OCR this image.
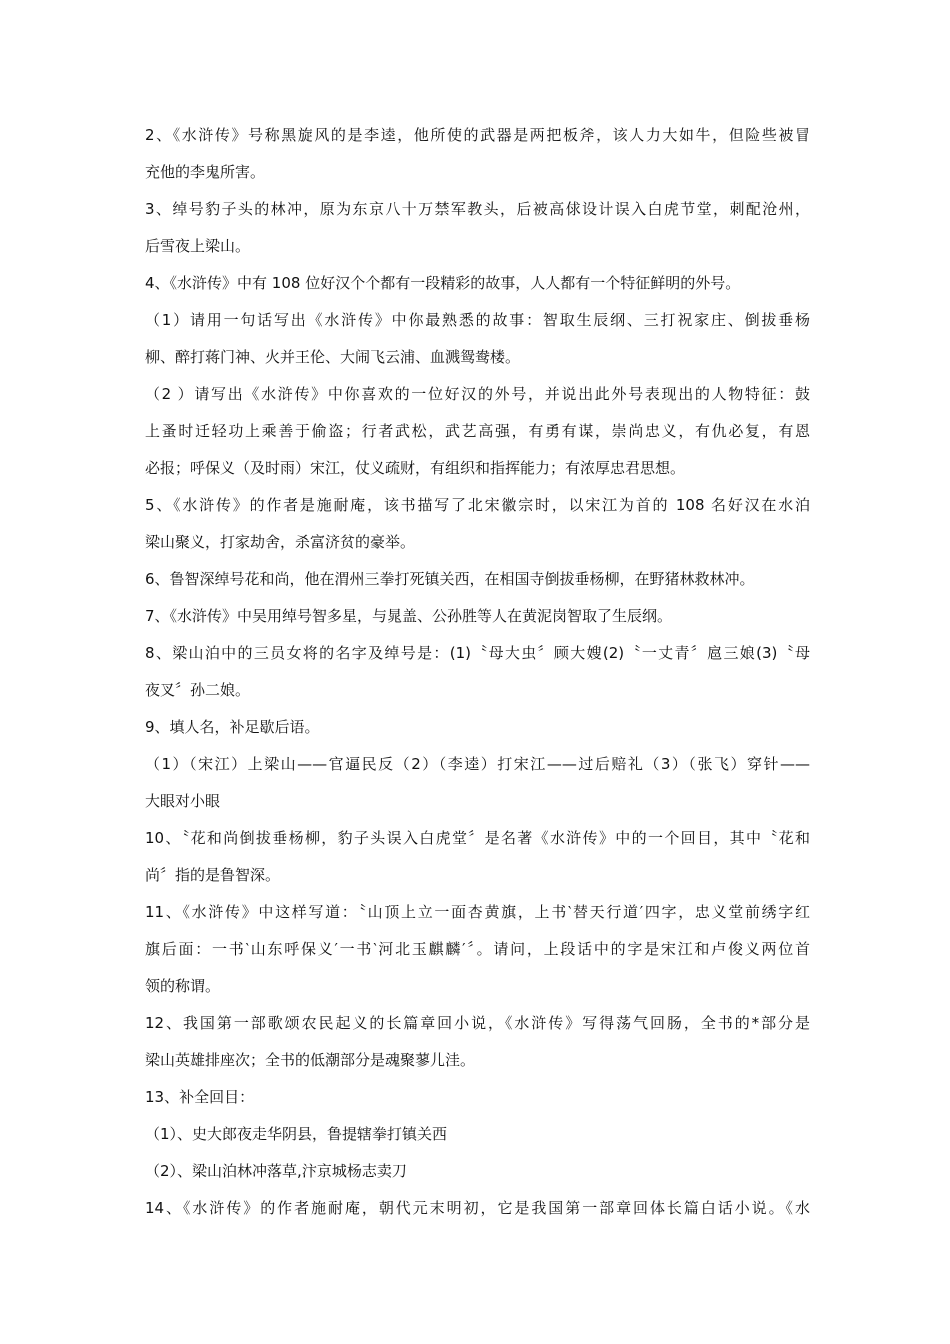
2、《水浒传》号称黑旋风的是李逵，他所使的武器是两把板斧，该人力大如牛，但险些被冒
充他的李鬼所害。
3、绰号豹子头的林冲，原为东京八十万禁军教头，后被高俅设计误入白虎节堂，刺配沧州，
后雪夜上梁山。
4、《水浒传》中有 108 位好汉个个都有一段精彩的故事，人人都有一个特征鲜明的外号。
（1）请用一句话写出《水浒传》中你最熟悉的故事：智取生辰纲、三打祝家庄、倒拔垂杨
柳、醉打蒋门神、火并王伦、大闹飞云浦、血溅鸳鸯楼。
（2 ）请写出《水浒传》中你喜欢的一位好汉的外号，并说出此外号表现出的人物特征：鼓
上蚤时迁轻功上乘善于偷盗；行者武松，武艺高强，有勇有谋，崇尚忠义，有仇必复，有恩
必报；呼保义（及时雨）宋江，仗义疏财，有组织和指挥能力；有浓厚忠君思想。
5、《水浒传》的作者是施耐庵，该书描写了北宋徽宗时，以宋江为首的 108 名好汉在水泊
梁山聚义，打家劫舍，杀富济贫的豪举。
6、鲁智深绰号花和尚，他在渭州三拳打死镇关西，在相国寺倒拔垂杨柳，在野猪林救林冲。
7、《水浒传》中吴用绰号智多星，与晁盖、公孙胜等人在黄泥岗智取了生辰纲。
8、梁山泊中的三员女将的名字及绰号是：(1)〝母大虫〞顾大嫂(2)〝一丈青〞扈三娘(3)〝母
夜叉〞孙二娘。
9、填人名，补足歇后语。
（1）（宋江）上梁山——官逼民反（2）（李逵）打宋江——过后赔礼（3）（张飞）穿针——
大眼对小眼
10、〝花和尚倒拔垂杨柳，豹子头误入白虎堂〞是名著《水浒传》中的一个回目，其中〝花和
尚〞指的是鲁智深。
11、《水浒传》中这样写道：〝山顶上立一面杏黄旗，上书‵替天行道′四字，忠义堂前绣字红
旗后面：一书‵山东呼保义′一书‵河北玉麒麟′〞。请问，上段话中的字是宋江和卢俊义两位首
领的称谓。
12、我国第一部歌颂农民起义的长篇章回小说，《水浒传》写得荡气回肠，全书的*部分是
梁山英雄排座次；全书的低潮部分是魂聚蓼儿洼。
13、补全回目：
（1）、史大郎夜走华阴县，鲁提辖拳打镇关西
（2）、梁山泊林冲落草,汴京城杨志卖刀
14、《水浒传》的作者施耐庵，朝代元末明初，它是我国第一部章回体长篇白话小说。《水
